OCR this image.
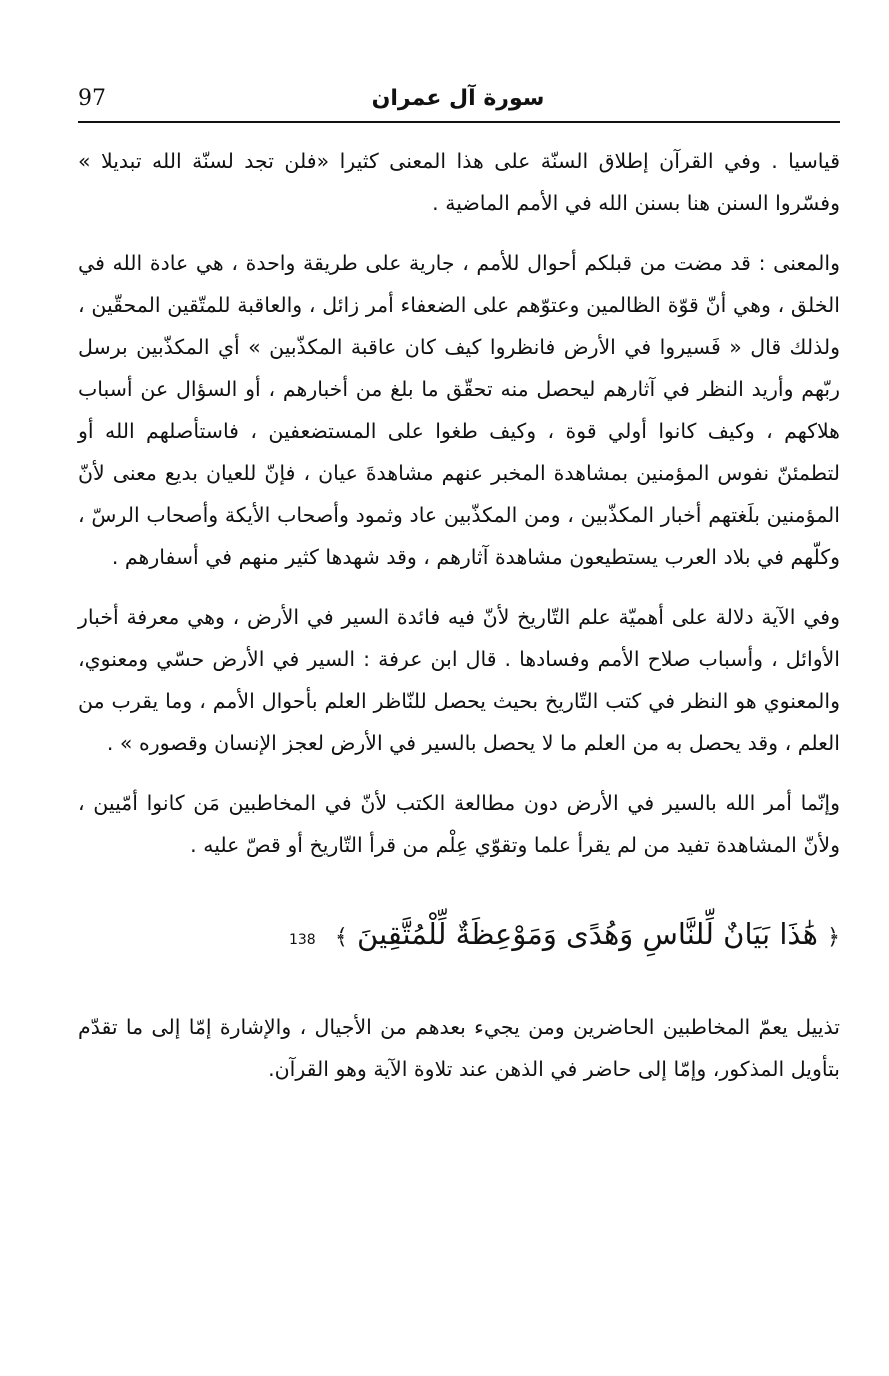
97	سورة آل عمران

قياسيا . وفي القرآن إطلاق السنّة على هذا المعنى كثيرا «فلن تجد لسنّة الله تبديلا » وفسّروا السنن هنا بسنن الله في الأمم الماضية .

والمعنى : قد مضت من قبلكم أحوال للأمم ، جارية على طريقة واحدة ، هي عادة الله في الخلق ، وهي أنّ قوّة الظالمين وعتوّهم على الضعفاء أمر زائل ، والعاقبة للمتّقين المحقّين ، ولذلك قال « فَسيروا في الأرض فانظروا كيف كان عاقبة المكذّبين » أي المكذّبين برسل ربّهم وأريد النظر في آثارهم ليحصل منه تحقّق ما بلغ من أخبارهم ، أو السؤال عن أسباب هلاكهم ، وكيف كانوا أولي قوة ، وكيف طغوا على المستضعفين ، فاستأصلهم الله أو لتطمئنّ نفوس المؤمنين بمشاهدة المخبر عنهم مشاهدةَ عيان ، فإنّ للعيان بديع معنى لأنّ المؤمنين بلَغتهم أخبار المكذّبين ، ومن المكذّبين عاد وثمود وأصحاب الأيكة وأصحاب الرسّ ، وكلّهم في بلاد العرب يستطيعون مشاهدة آثارهم ، وقد شهدها كثير منهم في أسفارهم .

وفي الآية دلالة على أهميّة علم التّاريخ لأنّ فيه فائدة السير في الأرض ، وهي معرفة أخبار الأوائل ، وأسباب صلاح الأمم وفسادها . قال ابن عرفة : السير في الأرض حسّي ومعنوي، والمعنوي هو النظر في كتب التّاريخ بحيث يحصل للنّاظر العلم بأحوال الأمم ، وما يقرب من العلم ، وقد يحصل به من العلم ما لا يحصل بالسير في الأرض لعجز الإنسان وقصوره » .

وإنّما أمر الله بالسير في الأرض دون مطالعة الكتب لأنّ في المخاطبين مَن كانوا أمّيين ، ولأنّ المشاهدة تفيد من لم يقرأ علما وتقوّي عِلْم من قرأ التّاريخ أو قصّ عليه .

﴿ هَٰذَا بَيَانٌ لِّلنَّاسِ وَهُدًى وَمَوْعِظَةٌ لِّلْمُتَّقِينَ ﴾ 138

تذييل يعمّ المخاطبين الحاضرين ومن يجيء بعدهم من الأجيال ، والإشارة إمّا إلى ما تقدّم بتأويل المذكور، وإمّا إلى حاضر في الذهن عند تلاوة الآية وهو القرآن.
